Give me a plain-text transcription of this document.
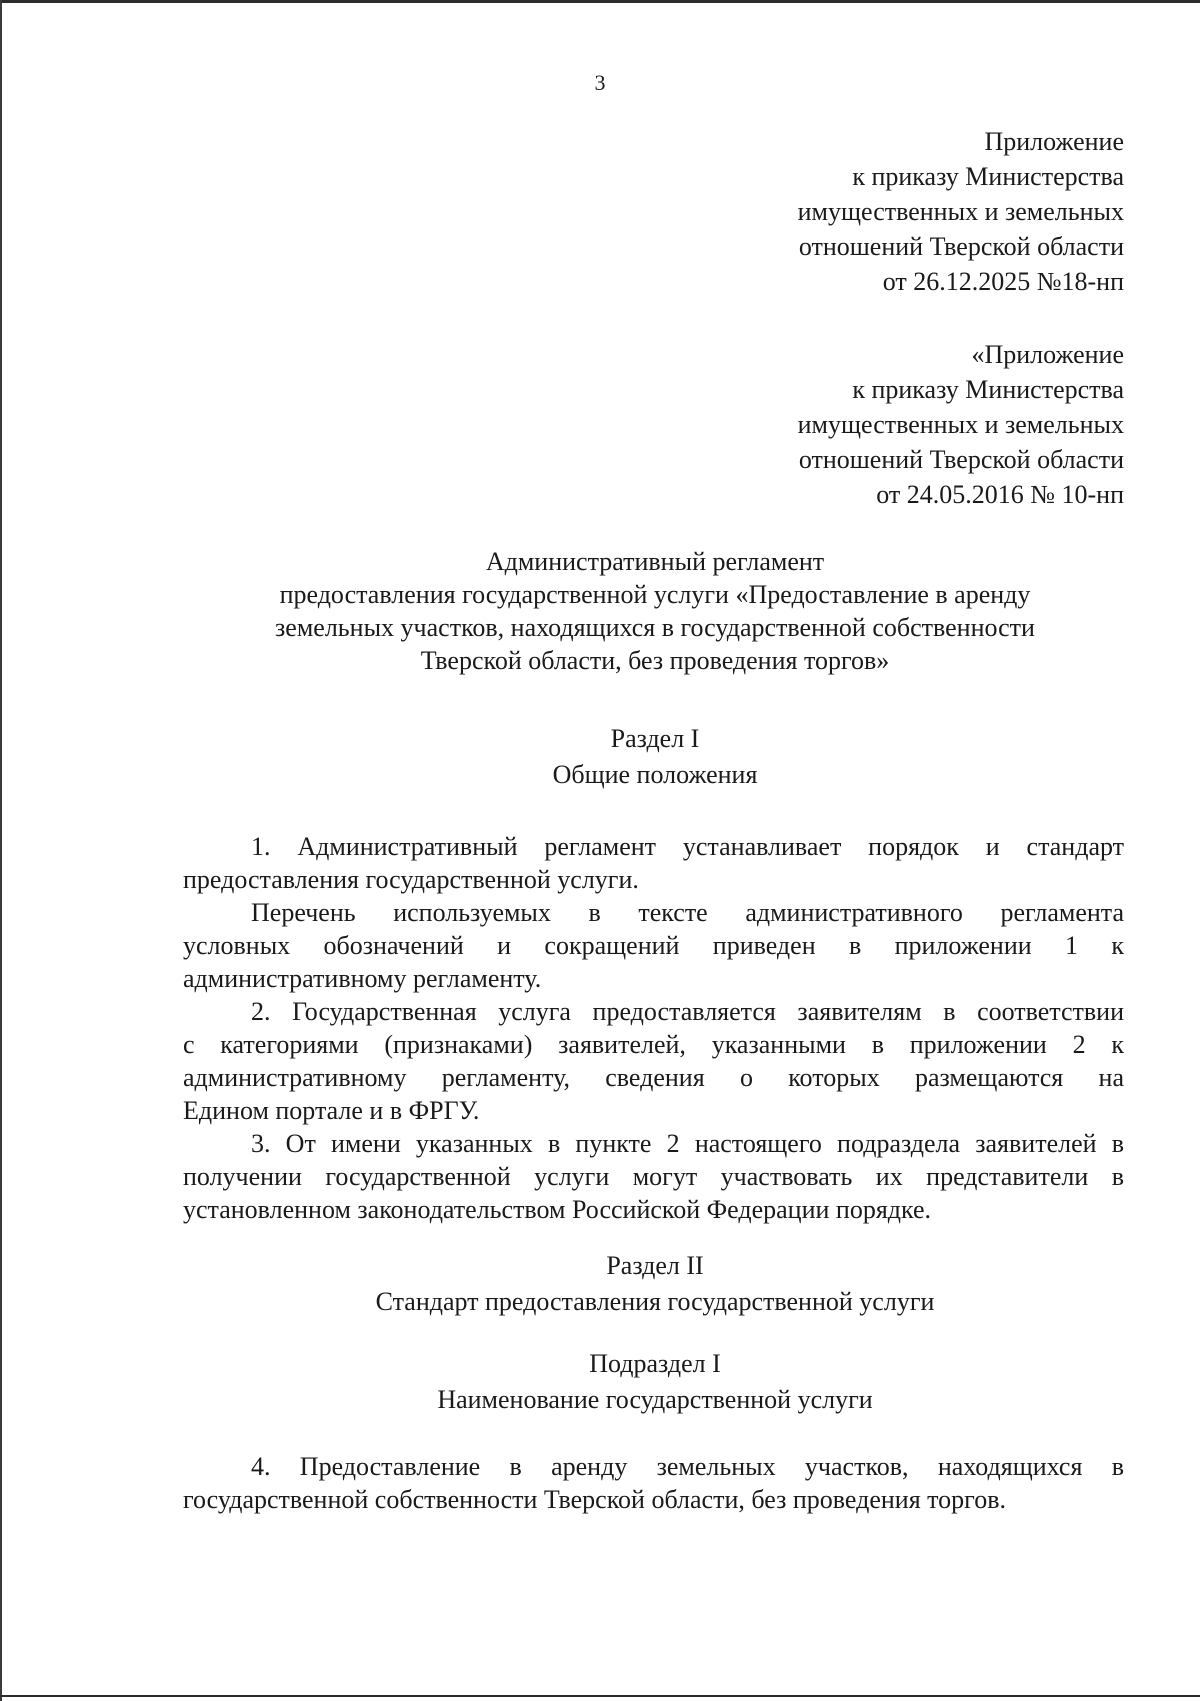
3
Приложение
к приказу Министерства
имущественных и земельных
отношений Тверской области
от 26.12.2025 №18-нп
«Приложение
к приказу Министерства
имущественных и земельных
отношений Тверской области
от 24.05.2016 № 10-нп
Административный регламент
предоставления государственной услуги «Предоставление в аренду
земельных участков, находящихся в государственной собственности
Тверской области, без проведения торгов»
Раздел I
Общие положения
1. Административный регламент устанавливает порядок и стандарт
предоставления государственной услуги.
Перечень используемых в тексте административного регламента
условных обозначений и сокращений приведен в приложении 1 к
административному регламенту.
2. Государственная услуга предоставляется заявителям в соответствии
с категориями (признаками) заявителей, указанными в приложении 2 к
административному регламенту, сведения о которых размещаются на
Едином портале и в ФРГУ.
3. От имени указанных в пункте 2 настоящего подраздела заявителей в
получении государственной услуги могут участвовать их представители в
установленном законодательством Российской Федерации порядке.
Раздел II
Стандарт предоставления государственной услуги
Подраздел I
Наименование государственной услуги
4. Предоставление в аренду земельных участков, находящихся в
государственной собственности Тверской области, без проведения торгов.
